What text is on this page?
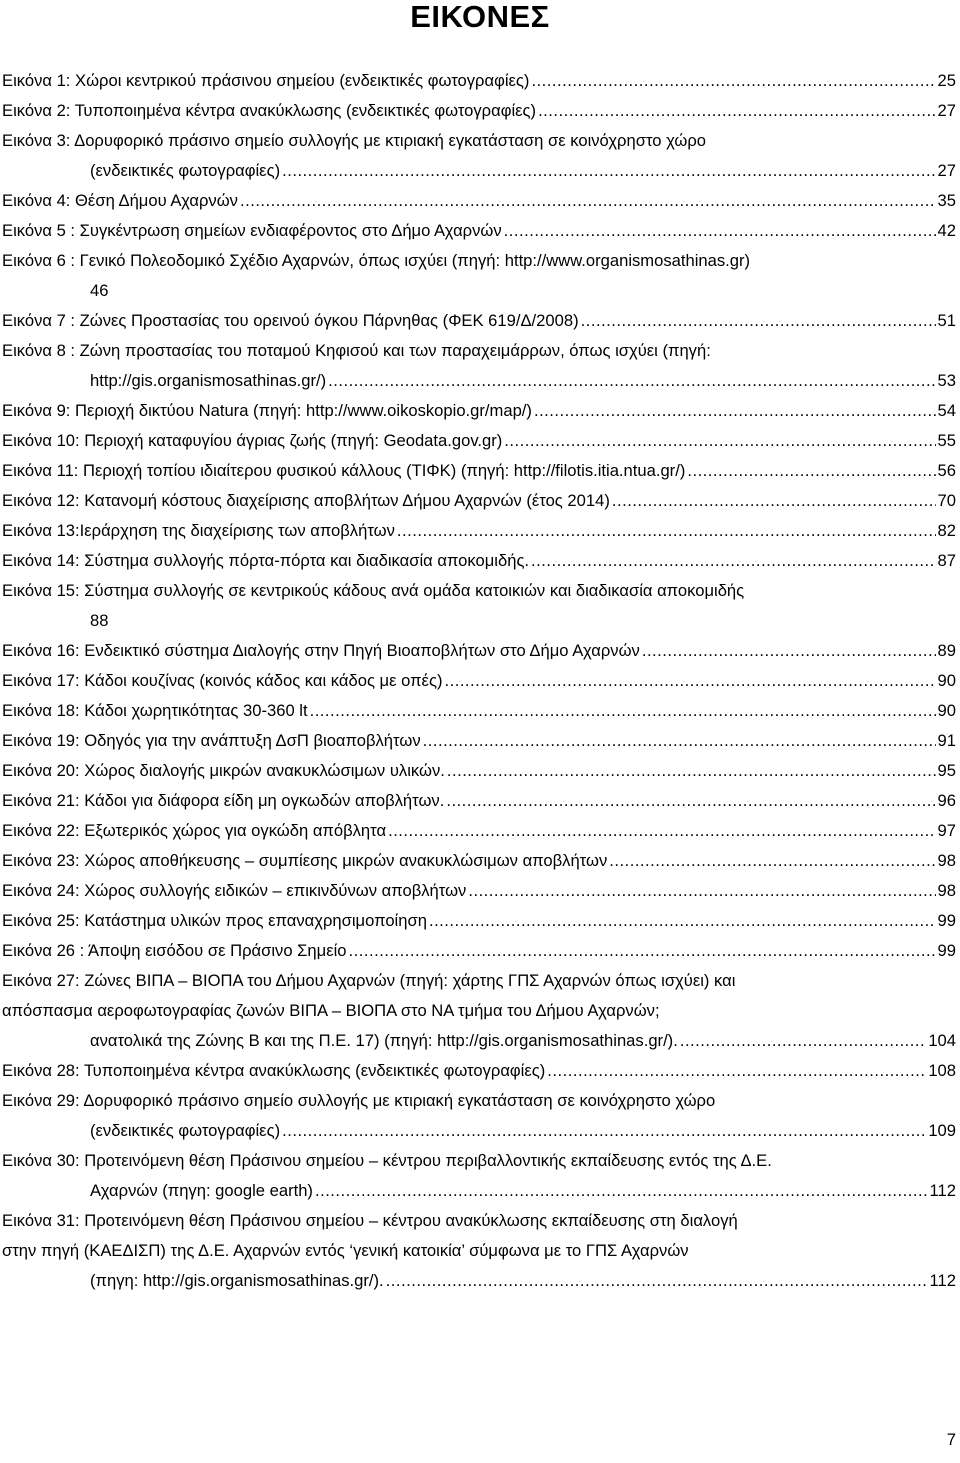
ΕΙΚΟΝΕΣ
Εικόνα 1: Χώροι κεντρικού πράσινου σημείου (ενδεικτικές φωτογραφίες) .....	25
Εικόνα 2: Τυποποιημένα κέντρα ανακύκλωσης (ενδεικτικές φωτογραφίες) .....	27
Εικόνα 3: Δορυφορικό πράσινο σημείο συλλογής με κτιριακή εγκατάσταση σε κοινόχρηστο χώρο
(ενδεικτικές φωτογραφίες) .....	27
Εικόνα 4: Θέση Δήμου Αχαρνών .....	35
Εικόνα 5 : Συγκέντρωση σημείων ενδιαφέροντος στο Δήμο Αχαρνών .....	42
Εικόνα 6 : Γενικό Πολεοδομικό Σχέδιο Αχαρνών, όπως ισχύει (πηγή: http://www.organismosathinas.gr)
46
Εικόνα 7 : Ζώνες Προστασίας του ορεινού όγκου Πάρνηθας (ΦΕΚ 619/Δ/2008) .....	51
Εικόνα 8 : Ζώνη προστασίας του ποταμού Κηφισού και των παραχειμάρρων, όπως ισχύει (πηγή:
http://gis.organismosathinas.gr/) .....	53
Εικόνα 9: Περιοχή δικτύου Natura (πηγή: http://www.oikoskopio.gr/map/) .....	54
Εικόνα 10: Περιοχή καταφυγίου άγριας ζωής (πηγή: Geodata.gov.gr) .....	55
Εικόνα 11: Περιοχή τοπίου ιδιαίτερου φυσικού κάλλους (ΤΙΦΚ) (πηγή: http://filotis.itia.ntua.gr/) .....	56
Εικόνα 12: Κατανομή κόστους διαχείρισης αποβλήτων Δήμου Αχαρνών (έτος 2014) .....	70
Εικόνα 13:Ιεράρχηση της διαχείρισης των αποβλήτων .....	82
Εικόνα 14: Σύστημα συλλογής πόρτα-πόρτα και διαδικασία αποκομιδής. .....	87
Εικόνα 15: Σύστημα συλλογής σε κεντρικούς κάδους ανά ομάδα κατοικιών και διαδικασία αποκομιδής
88
Εικόνα 16: Ενδεικτικό σύστημα Διαλογής στην Πηγή Βιοαποβλήτων στο Δήμο Αχαρνών .....	89
Εικόνα 17: Κάδοι κουζίνας (κοινός κάδος και κάδος με οπές) .....	90
Εικόνα 18: Κάδοι χωρητικότητας 30-360 lt .....	90
Εικόνα 19: Οδηγός για την ανάπτυξη ΔσΠ βιοαποβλήτων .....	91
Εικόνα 20: Χώρος διαλογής μικρών ανακυκλώσιμων υλικών. .....	95
Εικόνα 21: Κάδοι για διάφορα είδη μη ογκωδών αποβλήτων. .....	96
Εικόνα 22: Εξωτερικός χώρος για ογκώδη απόβλητα .....	97
Εικόνα 23: Χώρος αποθήκευσης – συμπίεσης μικρών ανακυκλώσιμων αποβλήτων .....	98
Εικόνα 24: Χώρος συλλογής ειδικών – επικινδύνων αποβλήτων .....	98
Εικόνα 25: Κατάστημα υλικών προς επαναχρησιμοποίηση .....	99
Εικόνα 26 : Άποψη εισόδου σε Πράσινο Σημείο .....	99
Εικόνα 27: Ζώνες ΒΙΠΑ – ΒΙΟΠΑ του Δήμου Αχαρνών (πηγή: χάρτης ΓΠΣ Αχαρνών όπως ισχύει) και
απόσπασμα αεροφωτογραφίας ζωνών ΒΙΠΑ – ΒΙΟΠΑ στο ΝΑ τμήμα του Δήμου Αχαρνών;
ανατολικά της Ζώνης Β και της Π.Ε. 17) (πηγή: http://gis.organismosathinas.gr/). .....	104
Εικόνα 28: Τυποποιημένα κέντρα ανακύκλωσης (ενδεικτικές φωτογραφίες) .....	108
Εικόνα 29: Δορυφορικό πράσινο σημείο συλλογής με κτιριακή εγκατάσταση σε κοινόχρηστο χώρο
(ενδεικτικές φωτογραφίες) .....	109
Εικόνα 30: Προτεινόμενη θέση Πράσινου σημείου – κέντρου περιβαλλοντικής εκπαίδευσης εντός της Δ.Ε.
Αχαρνών (πηγη: google earth) .....	112
Εικόνα 31: Προτεινόμενη θέση Πράσινου σημείου – κέντρου ανακύκλωσης εκπαίδευσης στη διαλογή
στην πηγή (ΚΑΕΔΙΣΠ) της Δ.Ε. Αχαρνών εντός ‘γενική κατοικία’ σύμφωνα με το ΓΠΣ Αχαρνών
(πηγη: http://gis.organismosathinas.gr/). .....	112
7
